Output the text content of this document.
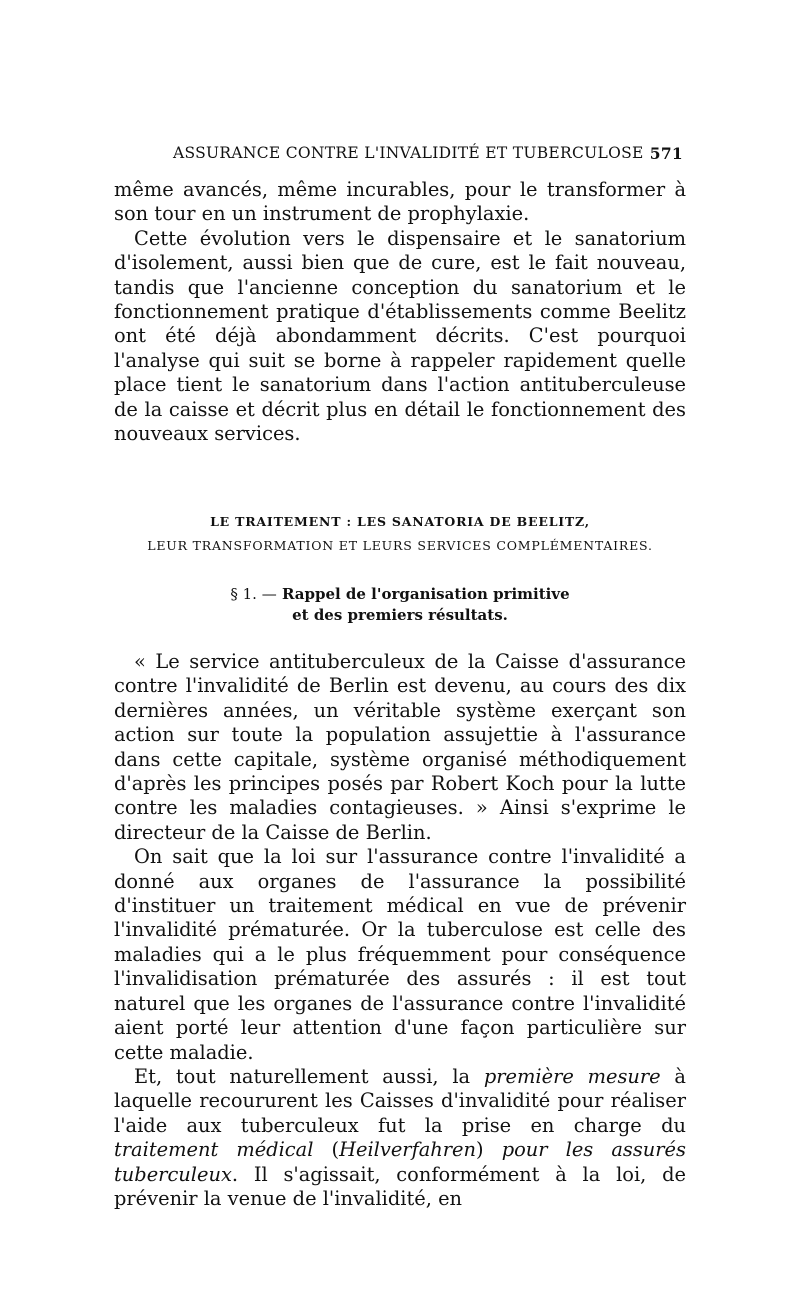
ASSURANCE CONTRE L'INVALIDITÉ ET TUBERCULOSE 571

même avancés, même incurables, pour le transformer à son tour en un instrument de prophylaxie.

Cette évolution vers le dispensaire et le sanatorium d'isolement, aussi bien que de cure, est le fait nouveau, tandis que l'ancienne conception du sanatorium et le fonctionnement pratique d'établissements comme Beelitz ont été déjà abondamment décrits. C'est pourquoi l'analyse qui suit se borne à rappeler rapidement quelle place tient le sanatorium dans l'action antituberculeuse de la caisse et décrit plus en détail le fonctionnement des nouveaux services.

LE TRAITEMENT : LES SANATORIA DE BEELITZ,
LEUR TRANSFORMATION ET LEURS SERVICES COMPLÉMENTAIRES.
§ 1. — Rappel de l'organisation primitive
et des premiers résultats.

« Le service antituberculeux de la Caisse d'assurance contre l'invalidité de Berlin est devenu, au cours des dix dernières années, un véritable système exerçant son action sur toute la population assujettie à l'assurance dans cette capitale, système organisé méthodiquement d'après les principes posés par Robert Koch pour la lutte contre les maladies contagieuses. » Ainsi s'exprime le directeur de la Caisse de Berlin.

On sait que la loi sur l'assurance contre l'invalidité a donné aux organes de l'assurance la possibilité d'instituer un traitement médical en vue de prévenir l'invalidité prématurée. Or la tuberculose est celle des maladies qui a le plus fréquemment pour conséquence l'invalidisation prématurée des assurés : il est tout naturel que les organes de l'assurance contre l'invalidité aient porté leur attention d'une façon particulière sur cette maladie.

Et, tout naturellement aussi, la première mesure à laquelle recoururent les Caisses d'invalidité pour réaliser l'aide aux tuberculeux fut la prise en charge du traitement médical (Heilverfahren) pour les assurés tuberculeux. Il s'agissait, conformément à la loi, de prévenir la venue de l'invalidité, en
